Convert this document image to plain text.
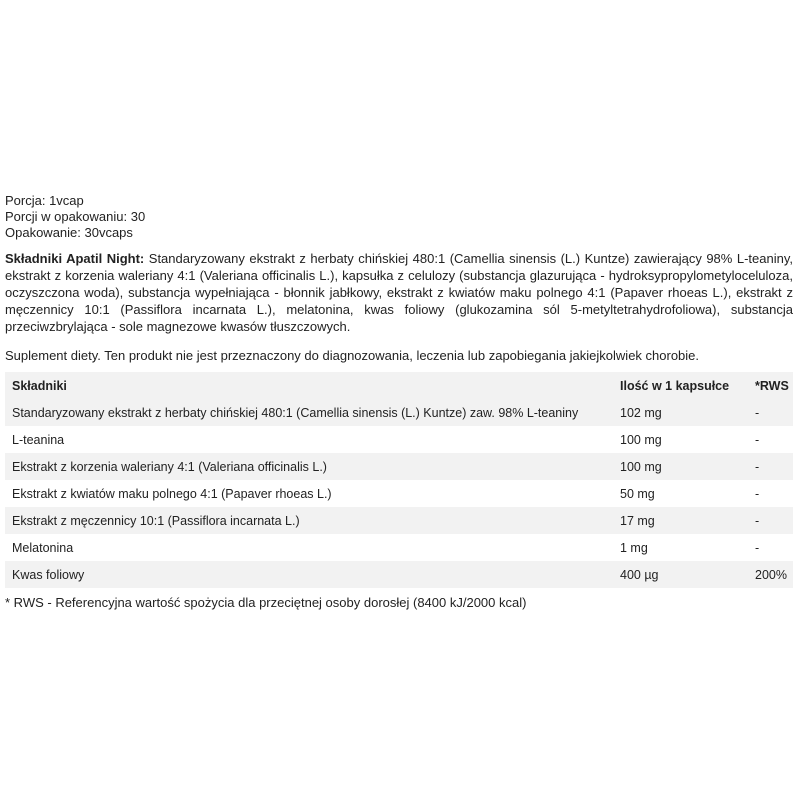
Porcja: 1vcap
Porcji w opakowaniu: 30
Opakowanie: 30vcaps
Składniki Apatil Night: Standaryzowany ekstrakt z herbaty chińskiej 480:1 (Camellia sinensis (L.) Kuntze) zawierający 98% L-teaniny, ekstrakt z korzenia waleriany 4:1 (Valeriana officinalis L.), kapsułka z celulozy (substancja glazurująca - hydroksypropylometyloceluloza, oczyszczona woda), substancja wypełniająca - błonnik jabłkowy, ekstrakt z kwiatów maku polnego 4:1 (Papaver rhoeas L.), ekstrakt z męczennicy 10:1 (Passiflora incarnata L.), melatonina, kwas foliowy (glukozamina sól 5-metyltetrahydrofoliowa), substancja przeciwzbrylająca - sole magnezowe kwasów tłuszczowych.
Suplement diety. Ten produkt nie jest przeznaczony do diagnozowania, leczenia lub zapobiegania jakiejkolwiek chorobie.
Składniki	Ilość w 1 kapsułce	*RWS
Standaryzowany ekstrakt z herbaty chińskiej 480:1 (Camellia sinensis (L.) Kuntze) zaw. 98% L-teaniny	102 mg	-
L-teanina	100 mg	-
Ekstrakt z korzenia waleriany 4:1 (Valeriana officinalis L.)	100 mg	-
Ekstrakt z kwiatów maku polnego 4:1 (Papaver rhoeas L.)	50 mg	-
Ekstrakt z męczennicy 10:1 (Passiflora incarnata L.)	17 mg	-
Melatonina	1 mg	-
Kwas foliowy	400 µg	200%
* RWS - Referencyjna wartość spożycia dla przeciętnej osoby dorosłej (8400 kJ/2000 kcal)
